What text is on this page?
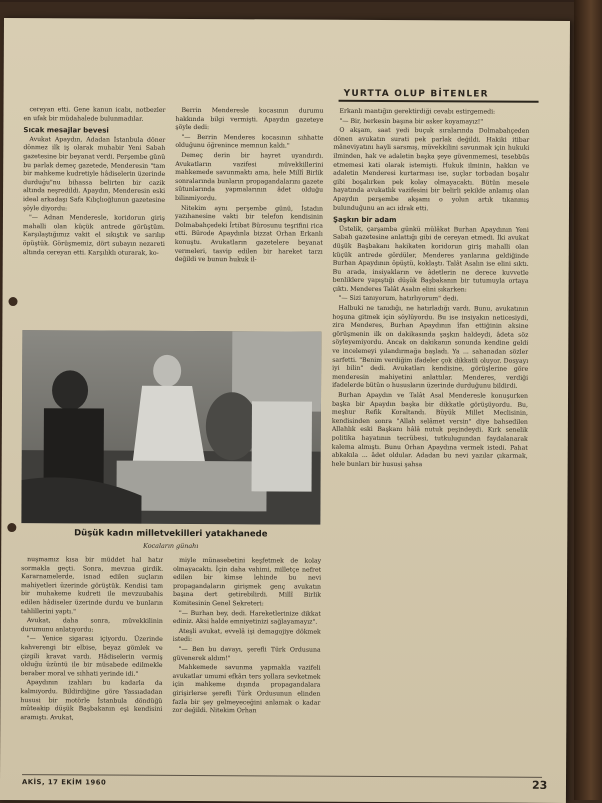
YURTTA OLUP BİTENLER

cereyan etti. Gene kanun icabı, notbezler en ufak bir müdahalede bulunmadılar.

Sıcak mesajlar bevesi

Avukat Apaydın, Adadan İstanbula döner dönmez ilk iş olarak muhabir Yeni Sabah gazetesine bir beyanat verdi. Perşembe günü bu parlak demeç gazetede, Menderesin "tam bir mahkeme kudretiyle hâdiselerin üzerinde durduğu"nu bihassa belirten bir cazik altında neşredildi. Apaydın, Menderesin eski ideal arkadaşı Safa Kılıçlıoğlunun gazetesine şöyle diyordu:

"— Adnan Menderesle, koridorun giriş mahalli olan küçük antrede görüştüm. Karşılaştığımız vakit el sıkıştık ve sarılıp öpüştük. Görüşmemiz, dört subayın nezareti altında cereyan etti. Karşılıklı oturarak, ko-

Berrin Menderesle kocasının durumu hakkında bilgi vermişti. Apaydın gazeteye şöyle dedi:

"— Berrin Menderes kocasının sıhhatte olduğunu öğrenince memnun kaldı."

Demeç derin bir hayret uyandırdı. Avukatların vazifesi müvekkillerini mahkemede savunmaktı ama, hele Millî Birlik sonralarında bunların propagandalarını gazete sütunlarında yapmalarının âdet olduğu bilinmiyordu.

Nitekim aynı perşembe günü, İstadın yazıhanesine vakti bir telefon kendisinin Dolmabahçedeki İrtibat Bürosunu teşrifini rica etti. Bürode Apaydınla bizzat Orhan Erkanlı konuştu. Avukatların gazetelere beyanat vermeleri, tasvip edilen bir hareket tarzı değildi ve bunun hukuk il-

Erkanlı mantığın gerektirdiği cevabı estirgemedi:

"— Bir, herkesin başına bir asker koyamayız!"

O akşam, saat yedi buçuk sıralarında Dolmabahçeden dönen avukatın surati pek parlak değildi. Hakiki itibar mâneviyatını hayli sarsmış, müvekkilini savunmak için hukuki ilminden, hak ve adaletin başka şeye güvenmemesi, tesebbüs etmemesi kati olarak istemişti. Hukuk ilminin, hakkın ve adaletin Menderesi kurtarması ise, suçlar torbadan boşalır gibi boşalırken pek kolay olmayacaktı. Bütün mesele hayatında avukatlık vazifesini bir belirli şekilde anlamış olan Apaydın perşembe akşamı o yolun artık tıkanmış bulunduğunu an acı idrak etti.

Şaşkın bir adam

Üstelik, çarşamba günkü mülâkat Burhan Apaydının Yeni Sabah gazetesine anlattığı gibi de cereyan etmedi. İki avukat düşük Başbakanı hakikaten koridorun giriş mahalli olan küçük antrede gördüler, Menderes yanlarına geldiğinde Burhan Apaydının öpüştü, koklaştı. Talât Asalın ise elini sıktı. Bu arada, insiyakların ve âdetlerin ne derece kuvvetle benliklere yapıştığı düşük Başbakanın bir tutumuyla ortaya çıktı. Menderes Talât Asalın elini sıkarken:

"— Sizi tanıyorum, hatırlıyorum" dedi.

Halbuki ne tanıdığı, ne hatırladığı vardı. Bunu, avukatının hoşuna gitmek için söylüyordu. Bu ise insiyakın neticesiydi, zira Menderes, Burhan Apaydının îfan ettiğinin aksine görüşmenin ilk on dakikasında şaşkın haldeydi, âdeta söz söyleyemiyordu. Ancak on dakikanın sonunda kendine geldi ve incelemeyi yılandırmağa başladı. Ya ... sahanadan sözler sarfetti. "Benim verdiğim ifadeler çok dikkatli oluyor. Dosyayı iyi bilin" dedi. Avukatları kendisine, görüşlerine göre menderesin mahiyetini anlattılar. Menderes, verdiği ifadelerde bütün o hususların üzerinde durduğunu bildirdi.

Burhan Apaydın ve Talât Asal Menderesle konuşurken başka bir Apaydın başka bir dikkatle görüşüyordu. Bu, meşhur Refik Koraltandı. Büyük Millet Meclisinin, kendisinden sonra "Allah selâmet versin" diye bahsedilen Allahlık eski Başkanı hâlâ nutuk peşindeydi. Kırk senelik politika hayatının tecrübesi, tutkulugundan faydalanarak kalema almıştı. Bunu Orhan Apaydına vermek istedi. Pahat abkakıla ... âdet oldular. Adadan bu nevi yazılar çıkarmak, hele bunları bir hususi şahsa

Düşük kadın milletvekilleri yatakhanede
Kocaların günahı

nuşmamız kısa bir müddet hal hatır sormakla geçti. Sonra, mevzua girdik. Kararnamelerde, isnad edilen suçların mahiyetleri üzerinde görüştük. Kendisi tam bir muhakeme kudreti ile mevzuubahis edilen hâdiseler üzerinde durdu ve bunların tahlillerini yaptı."

Avukat, daha sonra, müvekkilinin durumunu anlatıyordu:

"— Yenice sigarası içiyordu. Üzerinde kahverengi bir elbise, beyaz gömlek ve çizgili kravat vardı. Hâdiselerin vermiş olduğu üzüntü ile bir müsabede edilmekle beraber moral ve sıhhati yerinde idi."

Apaydının izahları bu kadarla da kalmıyordu. Bildirdiğine göre Yassıadadan hususi bir motörle İstanbula döndüğü müteakip düşük Başbakanın eşi kendisini aramıştı. Avukat,

miyle münasebetini keşfetmek de kolay olmayacaktı. İçin daha vahimi, milletçe nefret edilen bir kimse lehinde bu nevi propagandaların girişmek genç avukatın başına dert getirebilirdi. Millî Birlik Komitesinin Genel Sekreteri:

"— Burhan bey, dedi. Hareketlerinize dikkat ediniz. Aksi halde emniyetinizi sağlayamayız".

Ateşli avukat, evvelâ işi demagojiye dökmek istedi:

"— Ben bu davayı, şerefli Türk Ordusuna güvenerek aldım!"

Mahkemede savunma yapmakla vazifeli avukatlar umumi efkârı ters yollara sevketmek için mahkeme dışında propagandalara girişirlerse şerefli Türk Ordusunun elinden fazla bir şey gelmeyeceğini anlamak o kadar zor değildi. Nitekim Orhan

AKİS, 17 EKİM 1960	23
